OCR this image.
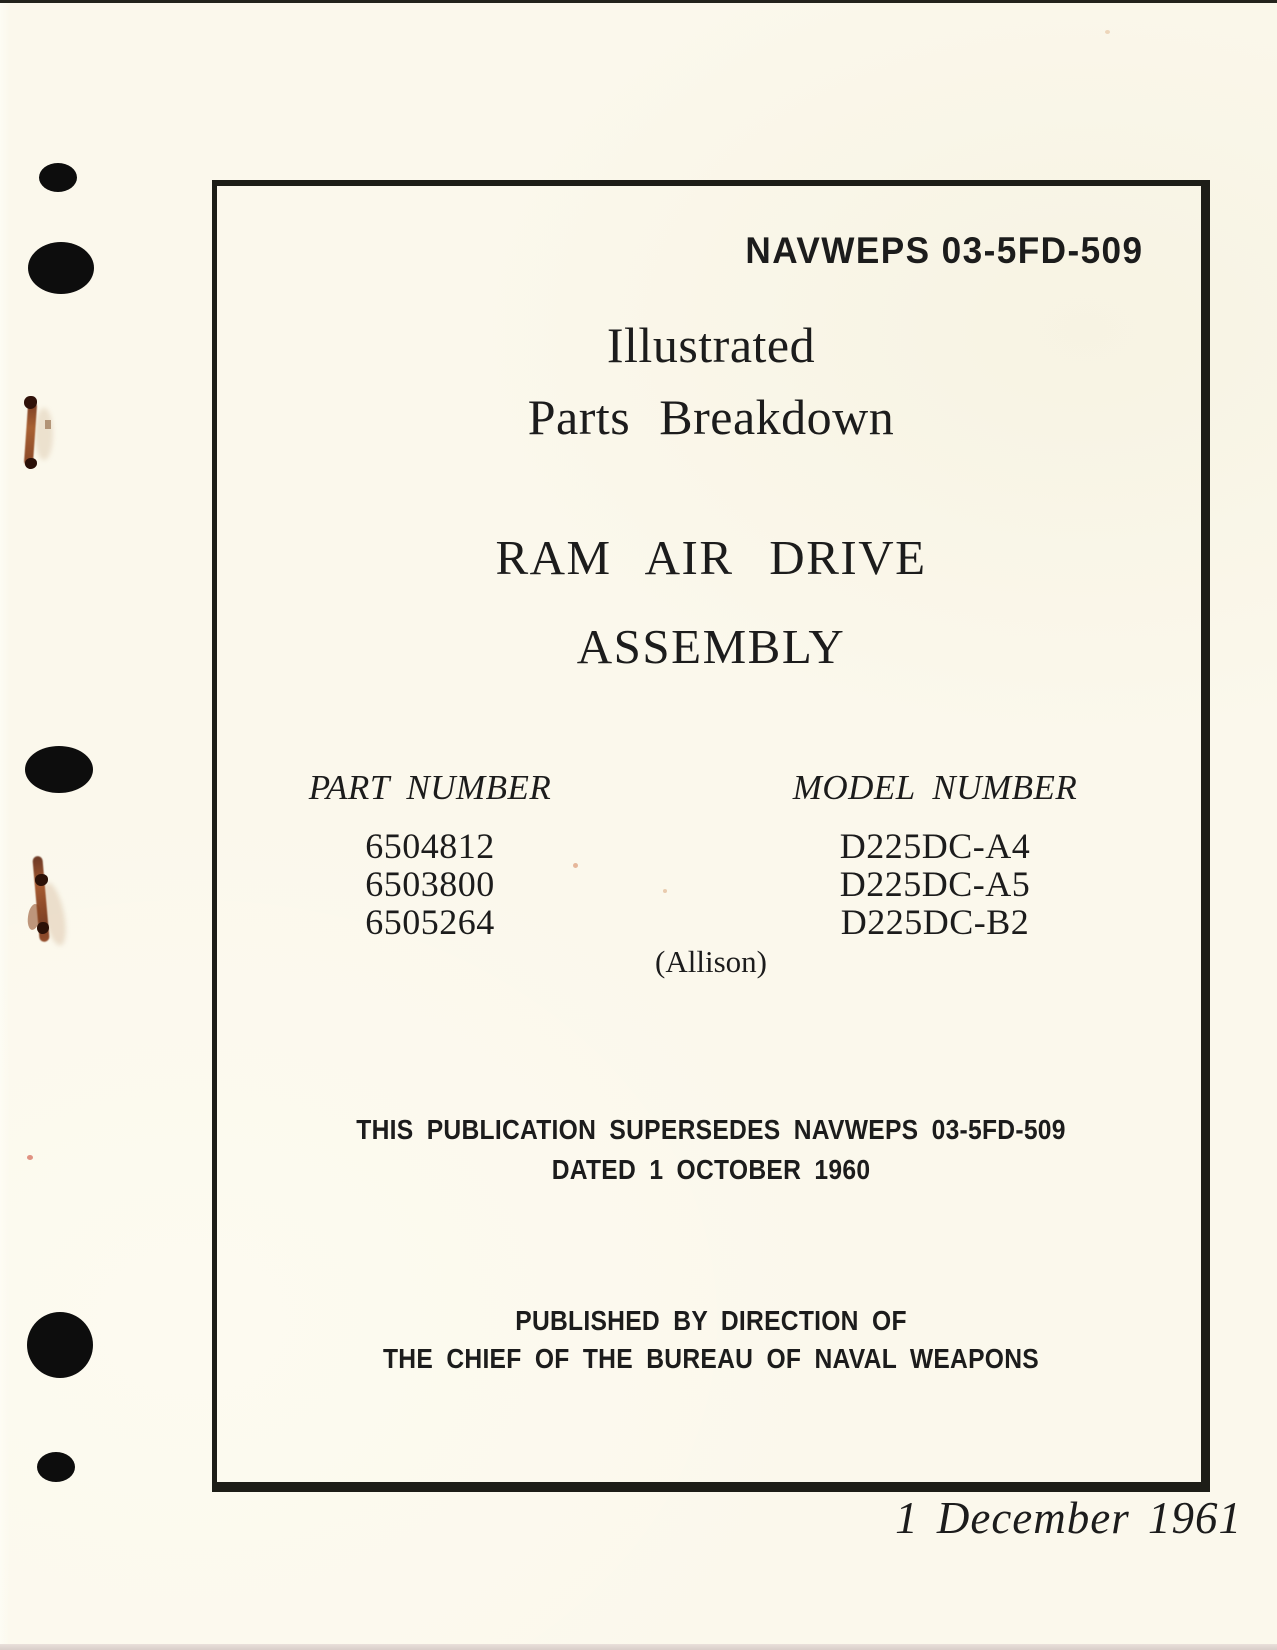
NAVWEPS 03-5FD-509
Illustrated
Parts Breakdown
RAM AIR DRIVE
ASSEMBLY
PART NUMBER
6504812
6503800
6505264
MODEL NUMBER
D225DC-A4
D225DC-A5
D225DC-B2
(Allison)
THIS PUBLICATION SUPERSEDES NAVWEPS 03-5FD-509
DATED 1 OCTOBER 1960
PUBLISHED BY DIRECTION OF
THE CHIEF OF THE BUREAU OF NAVAL WEAPONS
1 December 1961
